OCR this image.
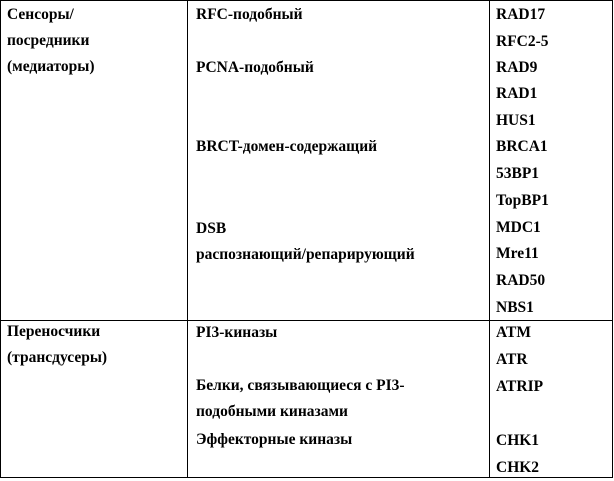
Сенсоры/
посредники
(медиаторы)
RFC-подобный
PCNA-подобный
BRCT-домен-содержащий
DSB
распознающий/репарирующий
RAD17
RFC2-5
RAD9
RAD1
HUS1
BRCA1
53BP1
TopBP1
MDC1
Mre11
RAD50
NBS1
Переносчики
(трансдусеры)
PI3-киназы
Белки, связывающиеся с PI3-
подобными киназами
Эффекторные киназы
ATM
ATR
ATRIP
CHK1
CHK2
